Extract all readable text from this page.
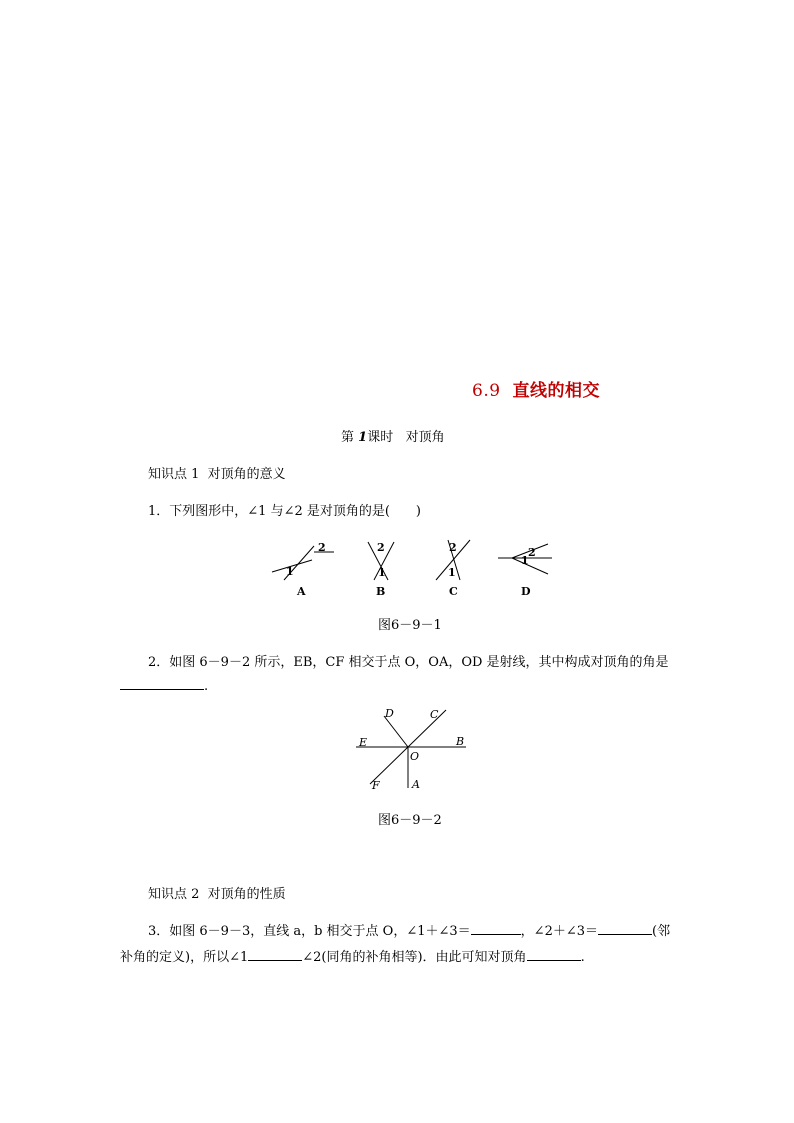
6.9 直线的相交
第 1课时 对顶角
知识点 1 对顶角的意义
1．下列图形中，∠1 与∠2 是对顶角的是(　　)
1
2	2
1
2
1
2
1
A	B	C	D
图6－9－1
2．如图 6－9－2 所示，EB，CF 相交于点 O，OA，OD 是射线，其中构成对顶角的角是
.
D	C
E	B
O
F	A
图6－9－2
知识点 2 对顶角的性质
3．如图 6－9－3，直线 a，b 相交于点 O，∠1＋∠3＝	，∠2＋∠3＝	(邻
补角的定义)，所以∠1	∠2(同角的补角相等)．由此可知对顶角	.
